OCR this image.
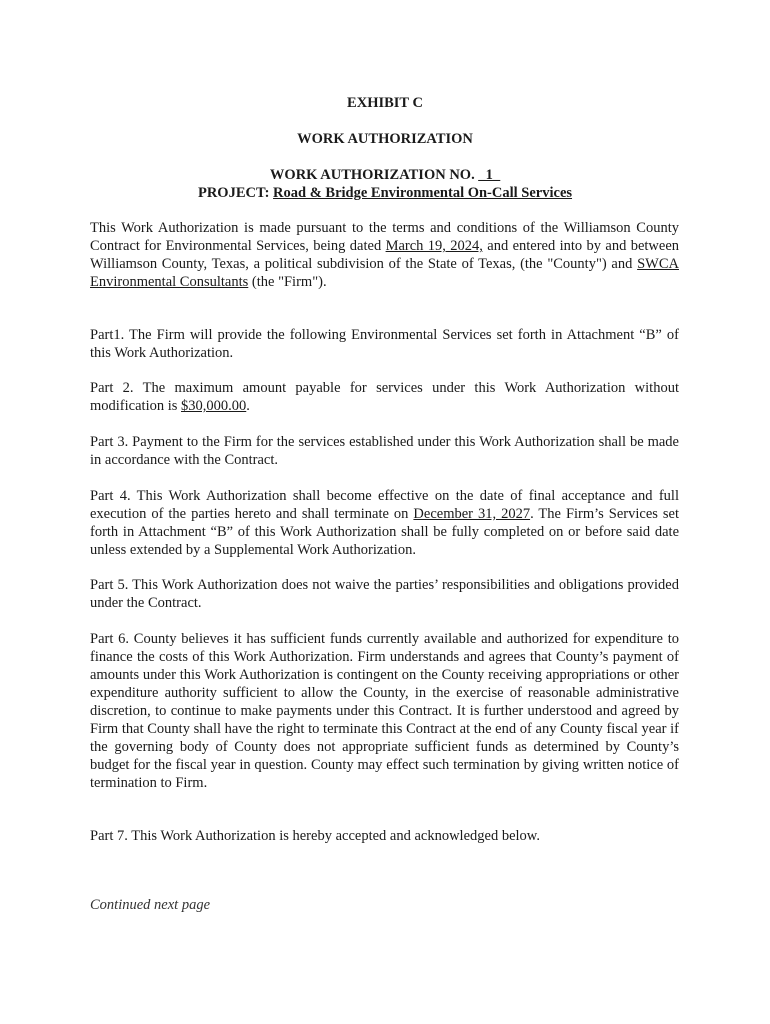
EXHIBIT C
WORK AUTHORIZATION
WORK AUTHORIZATION NO. _1_
PROJECT: Road & Bridge Environmental On-Call Services

This Work Authorization is made pursuant to the terms and conditions of the Williamson County Contract for Environmental Services, being dated March 19, 2024, and entered into by and between Williamson County, Texas, a political subdivision of the State of Texas, (the "County") and SWCA Environmental Consultants (the "Firm").

Part1. The Firm will provide the following Environmental Services set forth in Attachment “B” of this Work Authorization.

Part 2. The maximum amount payable for services under this Work Authorization without modification is $30,000.00.

Part 3. Payment to the Firm for the services established under this Work Authorization shall be made in accordance with the Contract.

Part 4. This Work Authorization shall become effective on the date of final acceptance and full execution of the parties hereto and shall terminate on December 31, 2027. The Firm’s Services set forth in Attachment “B” of this Work Authorization shall be fully completed on or before said date unless extended by a Supplemental Work Authorization.

Part 5. This Work Authorization does not waive the parties’ responsibilities and obligations provided under the Contract.

Part 6. County believes it has sufficient funds currently available and authorized for expenditure to finance the costs of this Work Authorization. Firm understands and agrees that County’s payment of amounts under this Work Authorization is contingent on the County receiving appropriations or other expenditure authority sufficient to allow the County, in the exercise of reasonable administrative discretion, to continue to make payments under this Contract. It is further understood and agreed by Firm that County shall have the right to terminate this Contract at the end of any County fiscal year if the governing body of County does not appropriate sufficient funds as determined by County’s budget for the fiscal year in question. County may effect such termination by giving written notice of termination to Firm.

Part 7. This Work Authorization is hereby accepted and acknowledged below.

Continued next page
